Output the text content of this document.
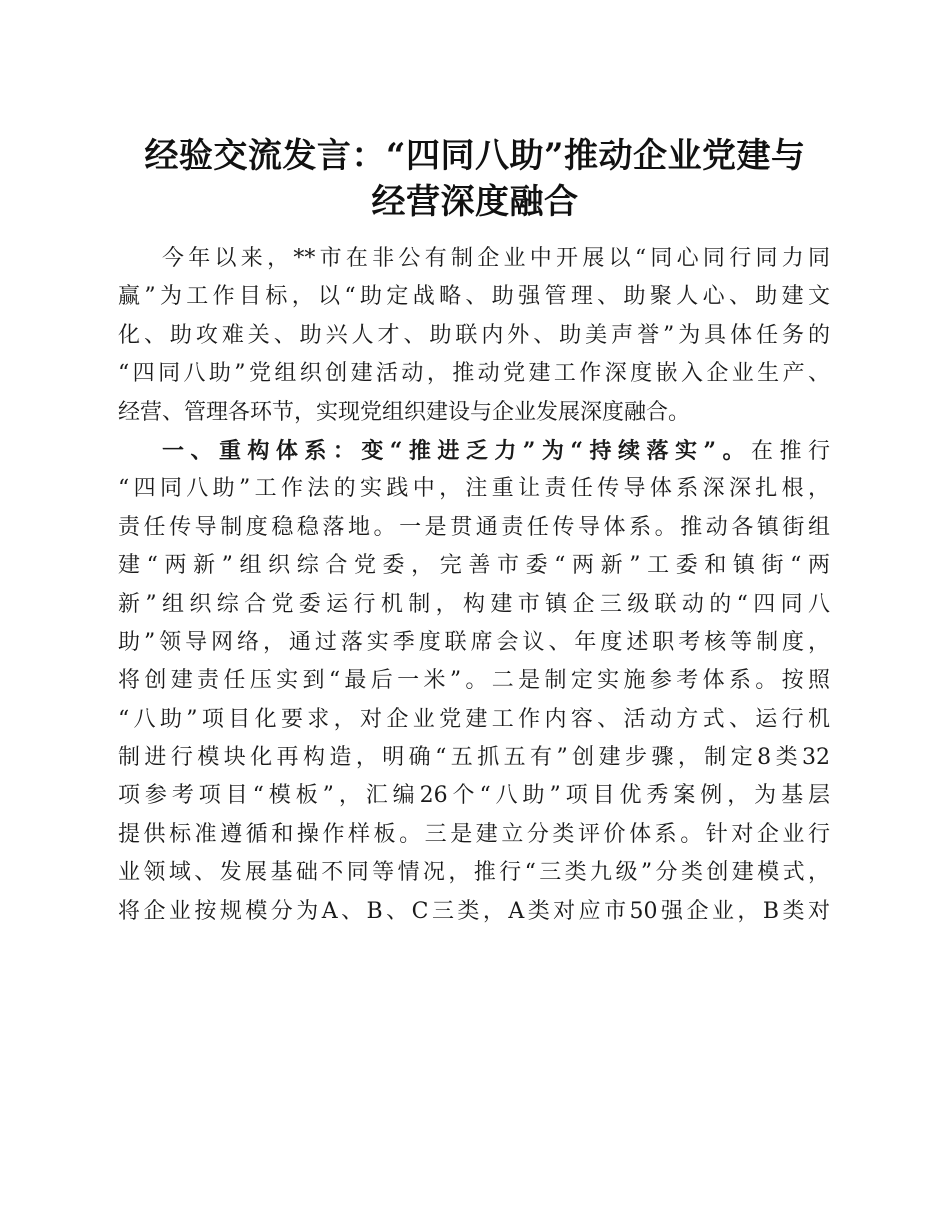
经验交流发言：“四同八助”推动企业党建与
经营深度融合
今年以来，**市在非公有制企业中开展以“同心同行同力同
赢”为工作目标，以“助定战略、助强管理、助聚人心、助建文
化、助攻难关、助兴人才、助联内外、助美声誉”为具体任务的
“四同八助”党组织创建活动，推动党建工作深度嵌入企业生产、
经营、管理各环节，实现党组织建设与企业发展深度融合。
一、重构体系：变“推进乏力”为“持续落实”。在推行
“四同八助”工作法的实践中，注重让责任传导体系深深扎根，
责任传导制度稳稳落地。一是贯通责任传导体系。推动各镇街组
建“两新”组织综合党委，完善市委“两新”工委和镇街“两
新”组织综合党委运行机制，构建市镇企三级联动的“四同八
助”领导网络，通过落实季度联席会议、年度述职考核等制度，
将创建责任压实到“最后一米”。二是制定实施参考体系。按照
“八助”项目化要求，对企业党建工作内容、活动方式、运行机
制进行模块化再构造，明确“五抓五有”创建步骤，制定8类32
项参考项目“模板”，汇编26个“八助”项目优秀案例，为基层
提供标准遵循和操作样板。三是建立分类评价体系。针对企业行
业领域、发展基础不同等情况，推行“三类九级”分类创建模式，
将企业按规模分为A、B、C三类，A类对应市50强企业，B类对
